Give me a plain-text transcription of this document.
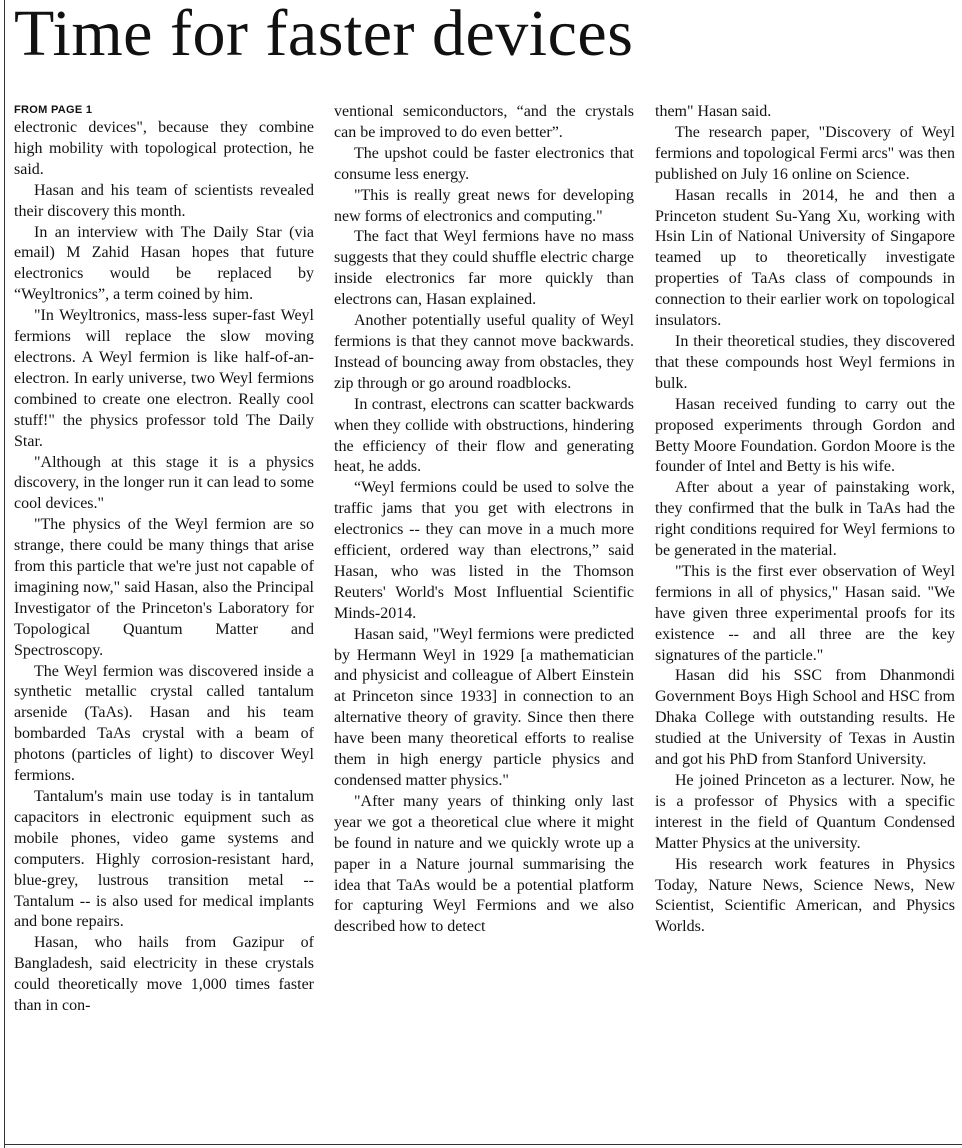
Time for faster devices
FROM PAGE 1

electronic devices", because they combine high mobility with topological protection, he said.

Hasan and his team of scientists revealed their discovery this month.

In an interview with The Daily Star (via email) M Zahid Hasan hopes that future electronics would be replaced by “Weyltronics”, a term coined by him.

"In Weyltronics, mass-less super-fast Weyl fermions will replace the slow moving electrons. A Weyl fermion is like half-of-an-electron. In early universe, two Weyl fermions combined to create one electron. Really cool stuff!" the physics professor told The Daily Star.

"Although at this stage it is a physics discovery, in the longer run it can lead to some cool devices."

"The physics of the Weyl fermion are so strange, there could be many things that arise from this particle that we're just not capable of imagining now," said Hasan, also the Principal Investigator of the Princeton's Laboratory for Topological Quantum Matter and Spectroscopy.

The Weyl fermion was discovered inside a synthetic metallic crystal called tantalum arsenide (TaAs). Hasan and his team bombarded TaAs crystal with a beam of photons (particles of light) to discover Weyl fermions.

Tantalum's main use today is in tantalum capacitors in electronic equipment such as mobile phones, video game systems and computers. Highly corrosion-resistant hard, blue-grey, lustrous transition metal -- Tantalum -- is also used for medical implants and bone repairs.

Hasan, who hails from Gazipur of Bangladesh, said electricity in these crystals could theoretically move 1,000 times faster than in con-

ventional semiconductors, “and the crystals can be improved to do even better”.

The upshot could be faster electronics that consume less energy.

"This is really great news for developing new forms of electronics and computing."

The fact that Weyl fermions have no mass suggests that they could shuffle electric charge inside electronics far more quickly than electrons can, Hasan explained.

Another potentially useful quality of Weyl fermions is that they cannot move backwards. Instead of bouncing away from obstacles, they zip through or go around roadblocks.

In contrast, electrons can scatter backwards when they collide with obstructions, hindering the efficiency of their flow and generating heat, he adds.

“Weyl fermions could be used to solve the traffic jams that you get with electrons in electronics -- they can move in a much more efficient, ordered way than electrons,” said Hasan, who was listed in the Thomson Reuters' World's Most Influential Scientific Minds-2014.

Hasan said, "Weyl fermions were predicted by Hermann Weyl in 1929 [a mathematician and physicist and colleague of Albert Einstein at Princeton since 1933] in connection to an alternative theory of gravity. Since then there have been many theoretical efforts to realise them in high energy particle physics and condensed matter physics."

"After many years of thinking only last year we got a theoretical clue where it might be found in nature and we quickly wrote up a paper in a Nature journal summarising the idea that TaAs would be a potential platform for capturing Weyl Fermions and we also described how to detect

them" Hasan said.

The research paper, "Discovery of Weyl fermions and topological Fermi arcs" was then published on July 16 online on Science.

Hasan recalls in 2014, he and then a Princeton student Su-Yang Xu, working with Hsin Lin of National University of Singapore teamed up to theoretically investigate properties of TaAs class of compounds in connection to their earlier work on topological insulators.

In their theoretical studies, they discovered that these compounds host Weyl fermions in bulk.

Hasan received funding to carry out the proposed experiments through Gordon and Betty Moore Foundation. Gordon Moore is the founder of Intel and Betty is his wife.

After about a year of painstaking work, they confirmed that the bulk in TaAs had the right conditions required for Weyl fermions to be generated in the material.

"This is the first ever observation of Weyl fermions in all of physics," Hasan said. "We have given three experimental proofs for its existence -- and all three are the key signatures of the particle."

Hasan did his SSC from Dhanmondi Government Boys High School and HSC from Dhaka College with outstanding results. He studied at the University of Texas in Austin and got his PhD from Stanford University.

He joined Princeton as a lecturer. Now, he is a professor of Physics with a specific interest in the field of Quantum Condensed Matter Physics at the university.

His research work features in Physics Today, Nature News, Science News, New Scientist, Scientific American, and Physics Worlds.
